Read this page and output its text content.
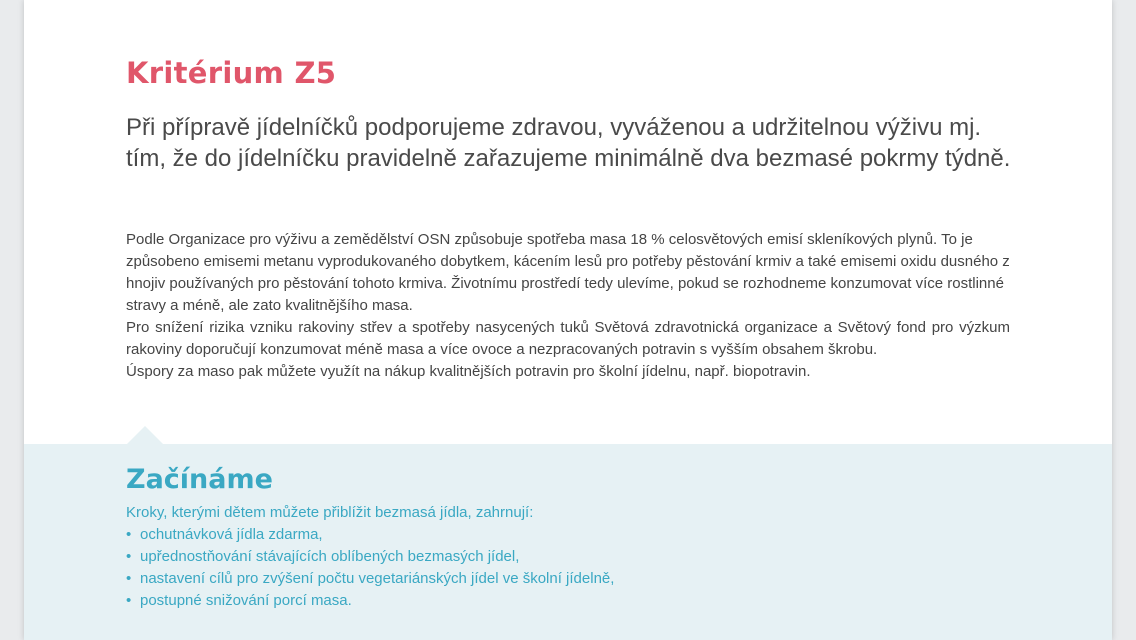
Kritérium Z5

Při přípravě jídelníčků podporujeme zdravou, vyváženou a udržitelnou výživu mj. tím, že do jídelníčku pravidelně zařazujeme minimálně dva bezmasé pokrmy týdně.

Podle Organizace pro výživu a zemědělství OSN způsobuje spotřeba masa 18 % celosvětových emisí skleníkových plynů. To je způsobeno emisemi metanu vyprodukovaného dobytkem, kácením lesů pro potřeby pěstování krmiv a také emisemi oxidu dusného z hnojiv používaných pro pěstování tohoto krmiva. Životnímu prostředí tedy ulevíme, pokud se rozhodneme konzumovat více rostlinné stravy a méně, ale zato kvalitnějšího masa.

Pro snížení rizika vzniku rakoviny střev a spotřeby nasycených tuků Světová zdravotnická organizace a Světový fond pro výzkum rakoviny doporučují konzumovat méně masa a více ovoce a nezpracovaných potravin s vyšším obsahem škrobu.

Úspory za maso pak můžete využít na nákup kvalitnějších potravin pro školní jídelnu, např. biopotravin.

Začínáme

Kroky, kterými dětem můžete přiblížit bezmasá jídla, zahrnují:

• ochutnávková jídla zdarma,
• upřednostňování stávajících oblíbených bezmasých jídel,
• nastavení cílů pro zvýšení počtu vegetariánských jídel ve školní jídelně,
• postupné snižování porcí masa.
